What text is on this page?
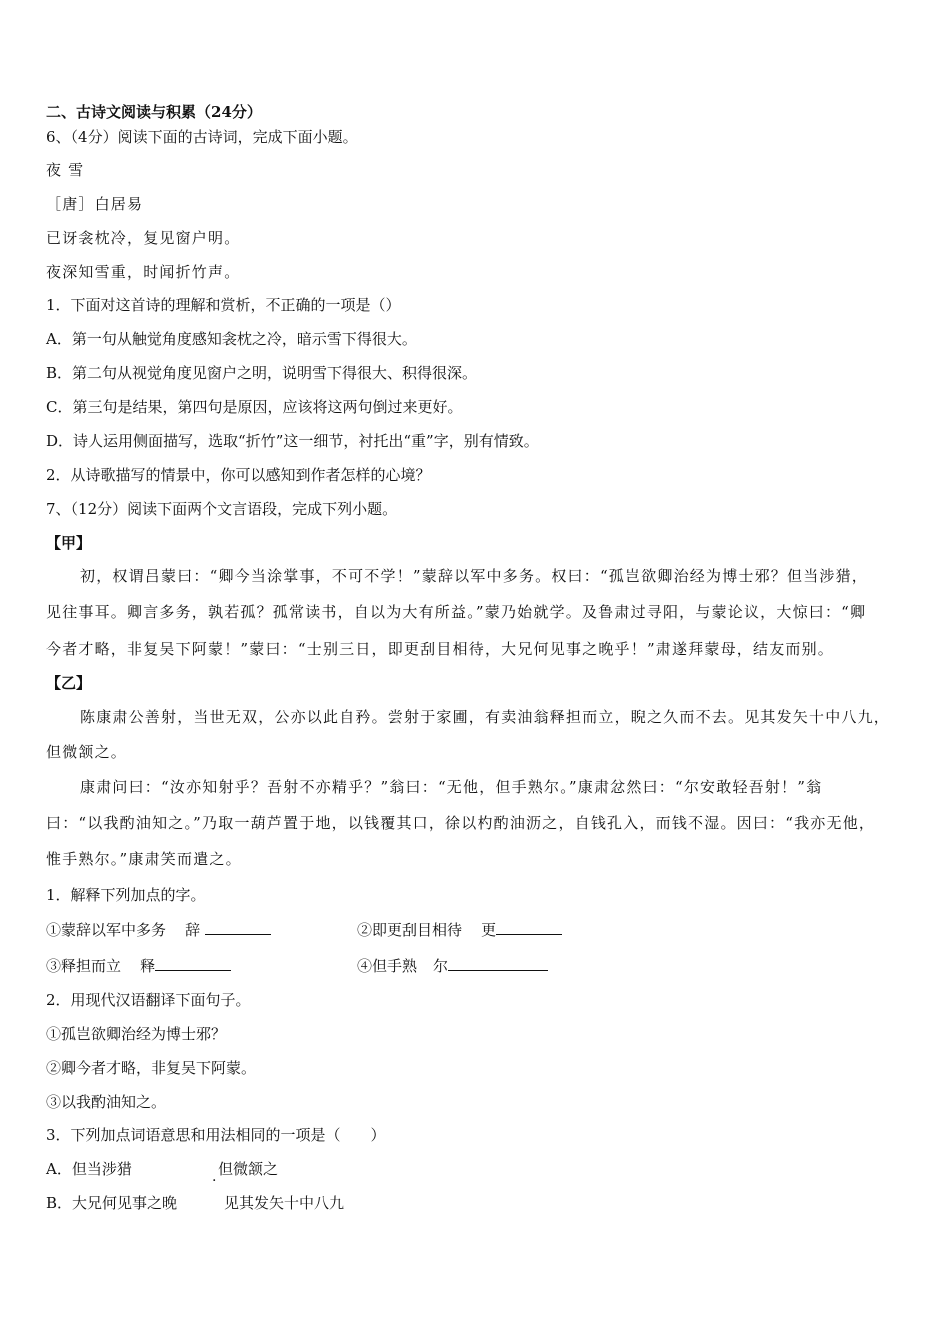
二、古诗文阅读与积累（24分）
6、（4分）阅读下面的古诗词，完成下面小题。
夜 雪
［唐］白居易
已讶衾枕冷，复见窗户明。
夜深知雪重，时闻折竹声。
1．下面对这首诗的理解和赏析，不正确的一项是（）
A．第一句从触觉角度感知衾枕之冷，暗示雪下得很大。
B．第二句从视觉角度见窗户之明，说明雪下得很大、积得很深。
C．第三句是结果，第四句是原因，应该将这两句倒过来更好。
D．诗人运用侧面描写，选取“折竹”这一细节，衬托出“重”字，别有情致。
2．从诗歌描写的情景中，你可以感知到作者怎样的心境？
7、（12分）阅读下面两个文言语段，完成下列小题。
【甲】
初，权谓吕蒙曰：“卿今当涂掌事，不可不学！”蒙辞以军中多务。权曰：“孤岂欲卿治经为博士邪？但当涉猎，
见往事耳。卿言多务，孰若孤？孤常读书，自以为大有所益。”蒙乃始就学。及鲁肃过寻阳，与蒙论议，大惊曰：“卿
今者才略，非复吴下阿蒙！”蒙曰：“士别三日，即更刮目相待，大兄何见事之晚乎！”肃遂拜蒙母，结友而别。
【乙】
陈康肃公善射，当世无双，公亦以此自矜。尝射于家圃，有卖油翁释担而立，睨之久而不去。见其发矢十中八九，
但微颔之。
康肃问曰：“汝亦知射乎？吾射不亦精乎？”翁曰：“无他，但手熟尔。”康肃忿然曰：“尔安敢轻吾射！”翁
曰：“以我酌油知之。”乃取一葫芦置于地，以钱覆其口，徐以杓酌油沥之，自钱孔入，而钱不湿。因曰：“我亦无他，
惟手熟尔。”康肃笑而遣之。
1．解释下列加点的字。
①蒙辞以军中多务 辞	②即更刮目相待 更
③释担而立 释	④但手熟· 尔
2．用现代汉语翻译下面句子。
①孤岂欲卿治经为博士邪？
②卿今者才略，非复吴下阿蒙。
③以我酌油知之。
3．下列加点词语意思和用法相同的一项是（　　）
A．但当涉猎	. 但微颔之
B．大兄何见事之晚	见其发矢十中八九
